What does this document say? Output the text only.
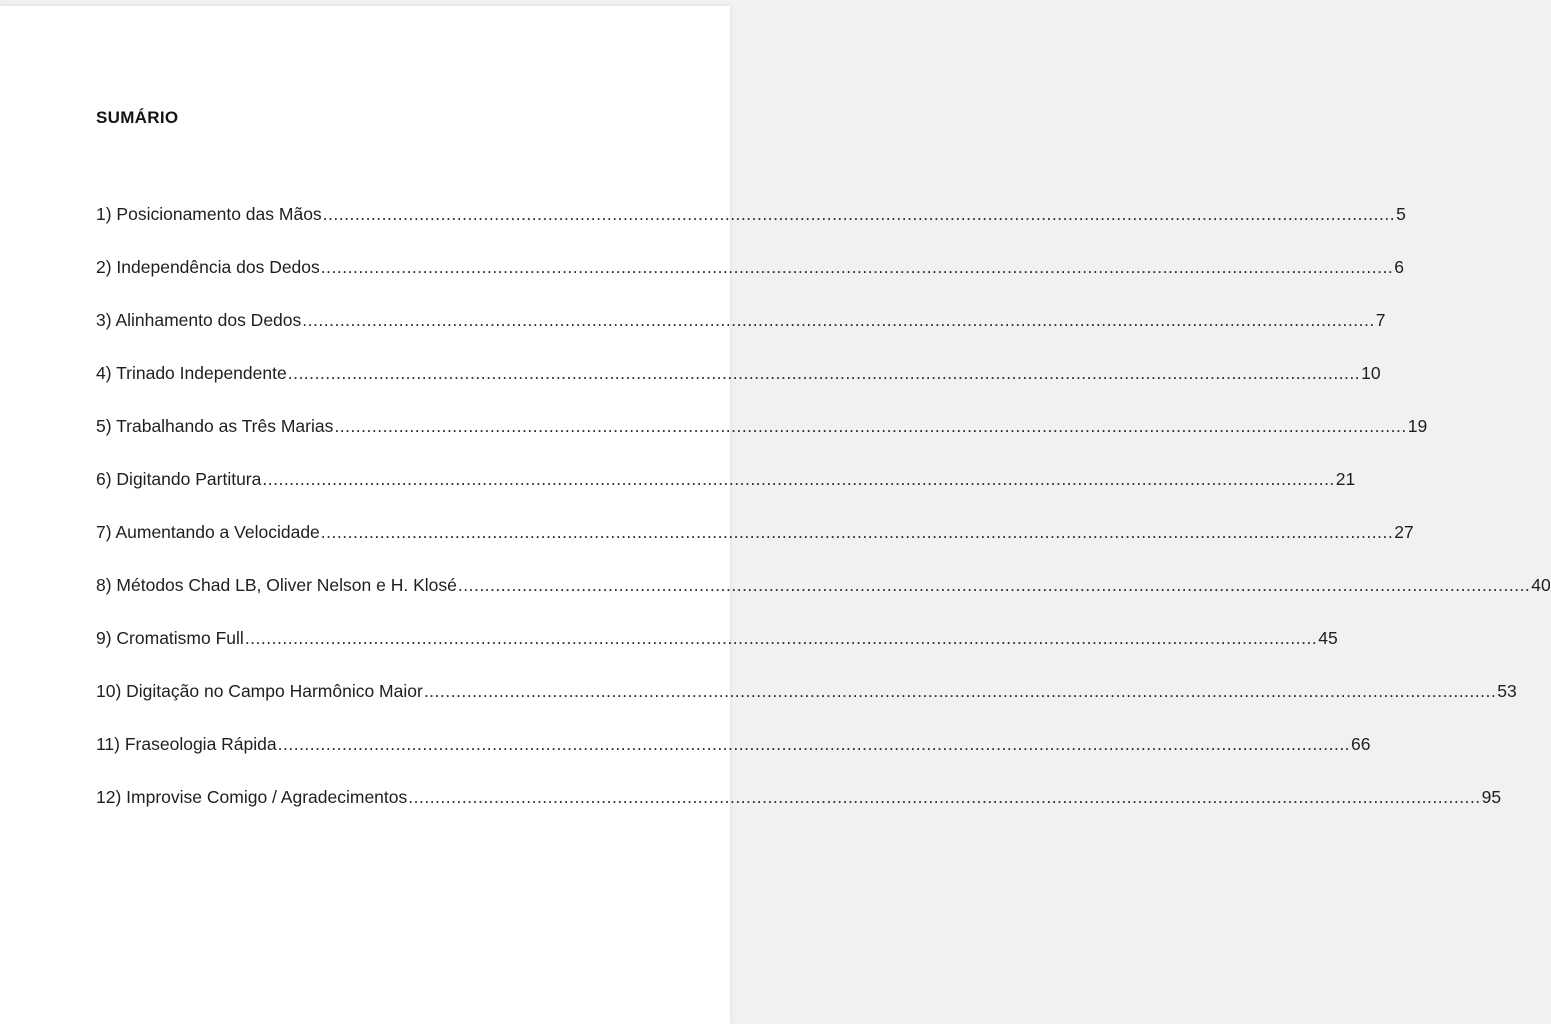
SUMÁRIO
1) Posicionamento das Mãos ........................................................................................................................................................................................................ 5
2) Independência dos Dedos ........................................................................................................................................................................................................ 6
3) Alinhamento dos Dedos ........................................................................................................................................................................................................ 7
4) Trinado Independente ........................................................................................................................................................................................................ 10
5) Trabalhando as Três Marias ........................................................................................................................................................................................................ 19
6) Digitando Partitura ........................................................................................................................................................................................................ 21
7) Aumentando a Velocidade ........................................................................................................................................................................................................ 27
8) Métodos Chad LB, Oliver Nelson e H. Klosé ........................................................................................................................................................................................................ 40
9) Cromatismo Full ........................................................................................................................................................................................................ 45
10) Digitação no Campo Harmônico Maior ........................................................................................................................................................................................................ 53
11) Fraseologia Rápida ........................................................................................................................................................................................................ 66
12) Improvise Comigo / Agradecimentos ........................................................................................................................................................................................................ 95
